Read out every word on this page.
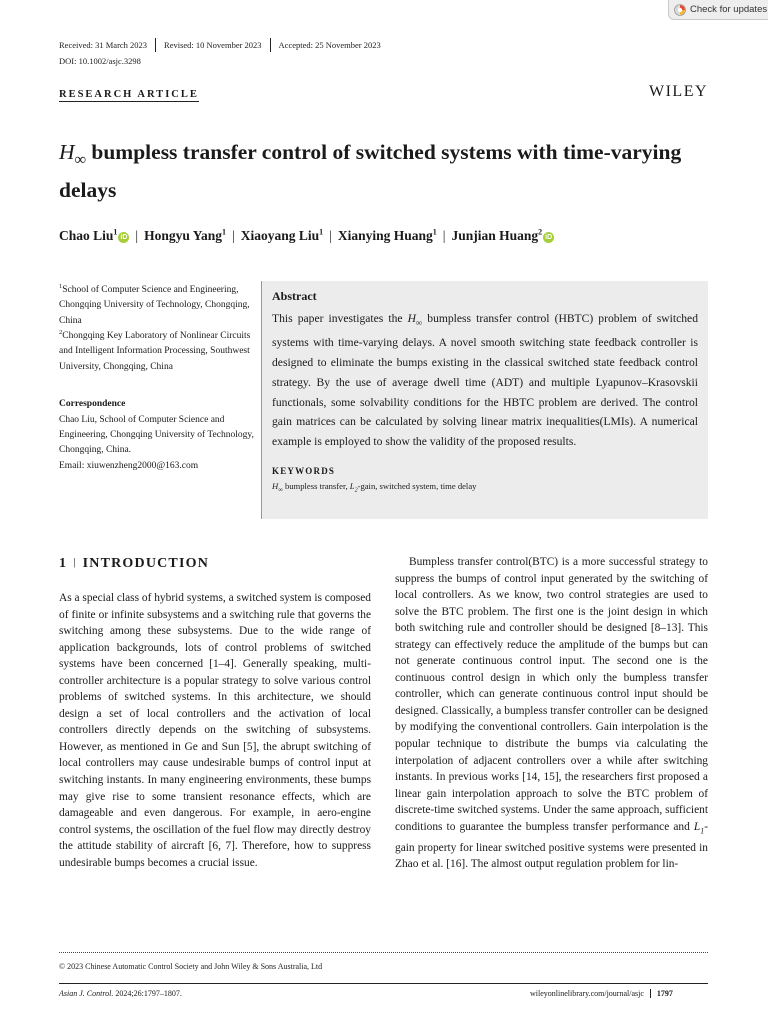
Check for updates
Received: 31 March 2023 Revised: 10 November 2023 Accepted: 25 November 2023
DOI: 10.1002/asjc.3298
RESEARCH ARTICLE	WILEY
$H_\infty$ bumpless transfer control of switched systems with time-varying delays
Chao Liu$^1$iD | Hongyu Yang$^1$ | Xiaoyang Liu$^1$ | Xianying Huang$^1$ | Junjian Huang$^2$iD
$^1$School of Computer Science and Engineering, Chongqing University of Technology, Chongqing, China
$^2$Chongqing Key Laboratory of Nonlinear Circuits and Intelligent Information Processing, Southwest University, Chongqing, China
Correspondence
Chao Liu, School of Computer Science and Engineering, Chongqing University of Technology, Chongqing, China.
Email: xiuwenzheng2000@163.com
Abstract
This paper investigates the $H_\infty$ bumpless transfer control (HBTC) problem of switched systems with time-varying delays. A novel smooth switching state feedback controller is designed to eliminate the bumps existing in the classical switched state feedback control strategy. By the use of average dwell time (ADT) and multiple Lyapunov–Krasovskii functionals, some solvability conditions for the HBTC problem are derived. The control gain matrices can be calculated by solving linear matrix inequalities(LMIs). A numerical example is employed to show the validity of the proposed results.
KEYWORDS
$H_\infty$ bumpless transfer, $L_2$-gain, switched system, time delay
1 | INTRODUCTION
As a special class of hybrid systems, a switched system is composed of finite or infinite subsystems and a switching rule that governs the switching among these subsystems. Due to the wide range of application backgrounds, lots of control problems of switched systems have been concerned [1–4]. Generally speaking, multi-controller architecture is a popular strategy to solve various control problems of switched systems. In this architecture, we should design a set of local controllers and the activation of local controllers directly depends on the switching of subsystems. However, as mentioned in Ge and Sun [5], the abrupt switching of local controllers may cause undesirable bumps of control input at switching instants. In many engineering environments, these bumps may give rise to some transient resonance effects, which are damageable and even dangerous. For example, in aero-engine control systems, the oscillation of the fuel flow may directly destroy the attitude stability of aircraft [6, 7]. Therefore, how to suppress undesirable bumps becomes a crucial issue.
Bumpless transfer control(BTC) is a more successful strategy to suppress the bumps of control input generated by the switching of local controllers. As we know, two control strategies are used to solve the BTC problem. The first one is the joint design in which both switching rule and controller should be designed [8–13]. This strategy can effectively reduce the amplitude of the bumps but can not generate continuous control input. The second one is the continuous control design in which only the bumpless transfer controller, which can generate continuous control input should be designed. Classically, a bumpless transfer controller can be designed by modifying the conventional controllers. Gain interpolation is the popular technique to distribute the bumps via calculating the interpolation of adjacent controllers over a while after switching instants. In previous works [14, 15], the researchers first proposed a linear gain interpolation approach to solve the BTC problem of discrete-time switched systems. Under the same approach, sufficient conditions to guarantee the bumpless transfer performance and $L_1$-gain property for linear switched positive systems were presented in Zhao et al. [16]. The almost output regulation problem for lin-
© 2023 Chinese Automatic Control Society and John Wiley & Sons Australia, Ltd
Asian J. Control. 2024;26:1797–1807.	wileyonlinelibrary.com/journal/asjc 1797
